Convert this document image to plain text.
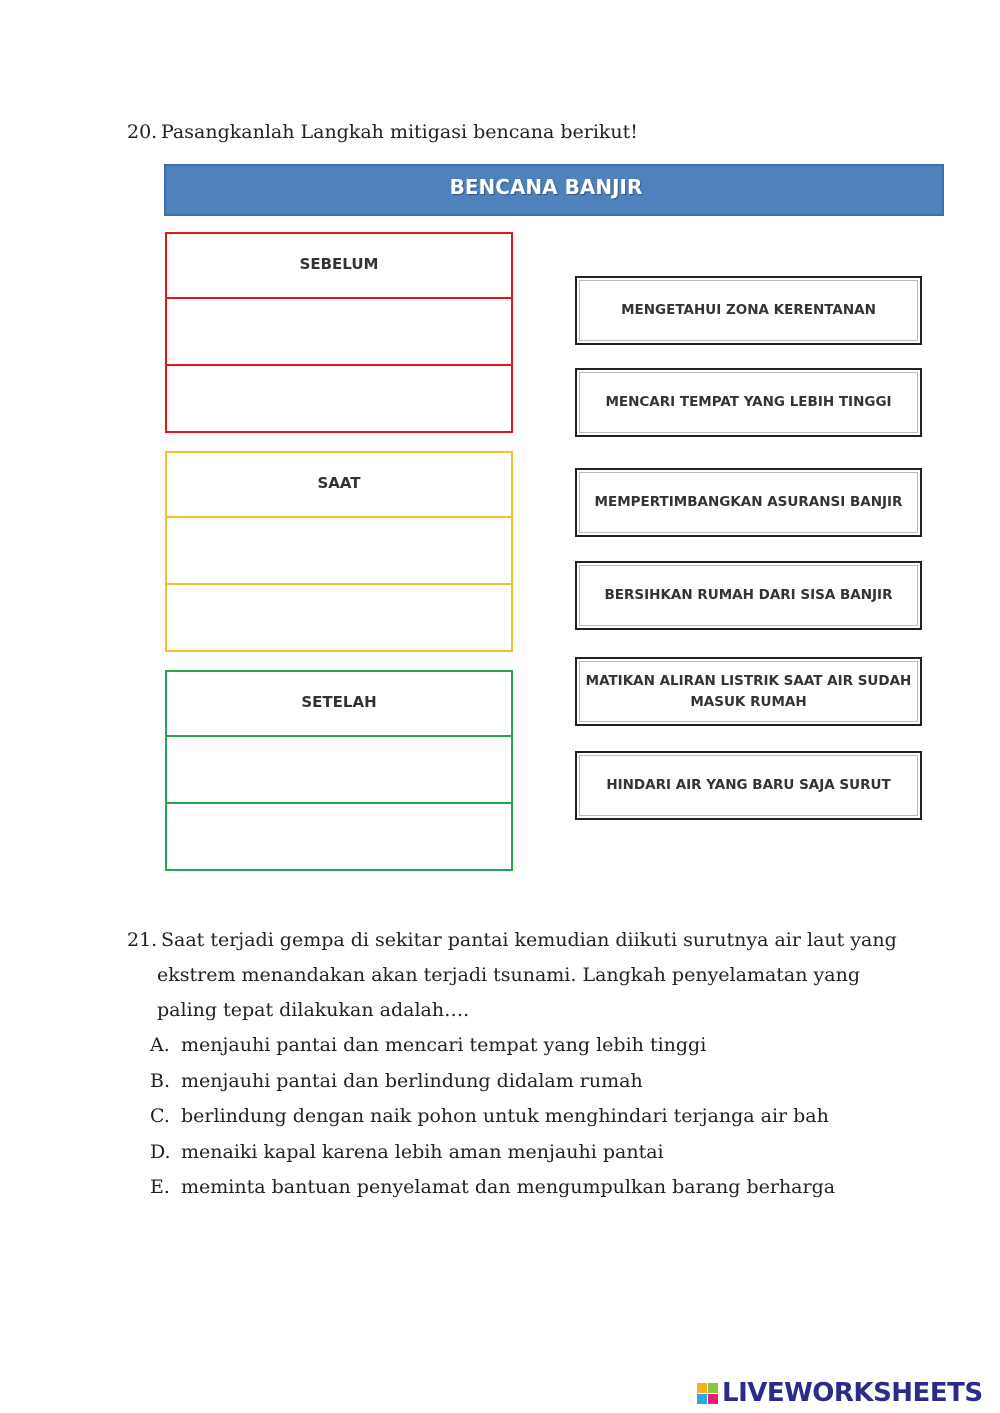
20. Pasangkanlah Langkah mitigasi bencana berikut!
BENCANA BANJIR
SEBELUM
SAAT
SETELAH
MENGETAHUI ZONA KERENTANAN
MENCARI TEMPAT YANG LEBIH TINGGI
MEMPERTIMBANGKAN ASURANSI BANJIR
BERSIHKAN RUMAH DARI SISA BANJIR
MATIKAN ALIRAN LISTRIK SAAT AIR SUDAH MASUK RUMAH
HINDARI AIR YANG BARU SAJA SURUT
21. Saat terjadi gempa di sekitar pantai kemudian diikuti surutnya air laut yang
ekstrem menandakan akan terjadi tsunami. Langkah penyelamatan yang
paling tepat dilakukan adalah….
A. menjauhi pantai dan mencari tempat yang lebih tinggi
B. menjauhi pantai dan berlindung didalam rumah
C. berlindung dengan naik pohon untuk menghindari terjanga air bah
D. menaiki kapal karena lebih aman menjauhi pantai
E. meminta bantuan penyelamat dan mengumpulkan barang berharga
LIVEWORKSHEETS
